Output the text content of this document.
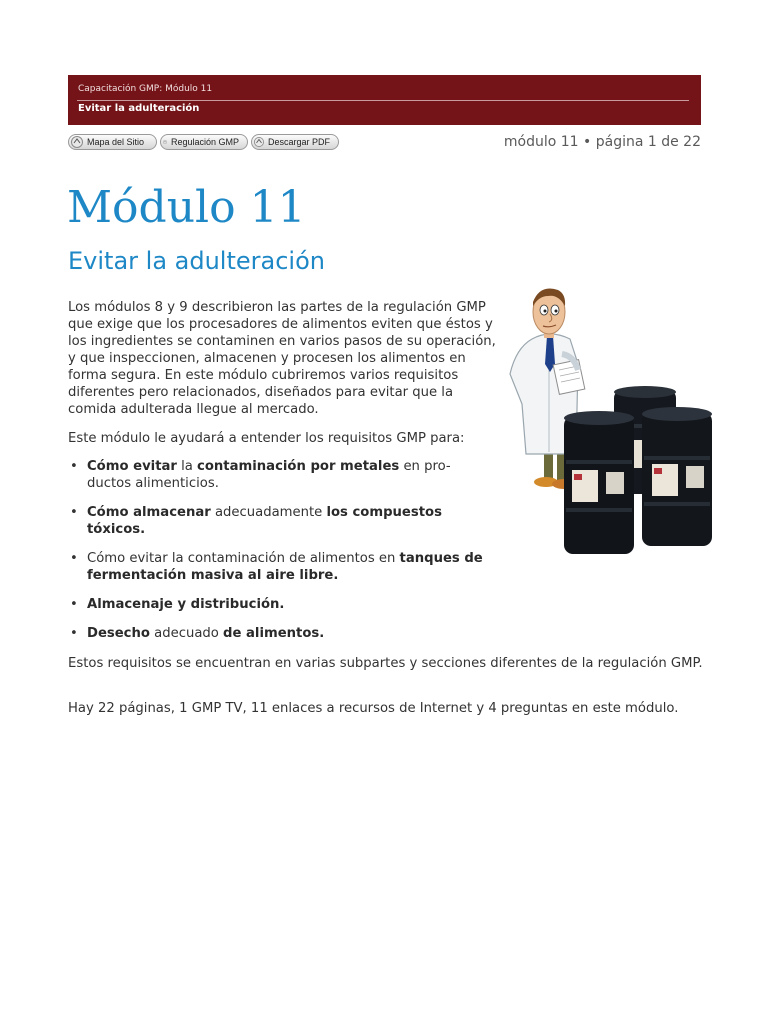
Capacitación GMP: Módulo 11
Evitar la adulteración
Mapa del Sitio	Regulación GMP	Descargar PDF	módulo 11 • página 1 de 22
Módulo 11
Evitar la adulteración

Los módulos 8 y 9 describieron las partes de la regulación GMP que exige que los procesadores de alimentos eviten que éstos y los ingredientes se contaminen en varios pasos de su operación, y que inspeccionen, almacenen y procesen los alimentos en forma segura. En este módulo cubriremos varios requisitos diferentes pero relacionados, diseñados para evitar que la comida adulterada llegue al mercado.

Este módulo le ayudará a entender los requisitos GMP para:

• Cómo evitar la contaminación por metales en pro-ductos alimenticios.
• Cómo almacenar adecuadamente los compuestos tóxicos.
• Cómo evitar la contaminación de alimentos en tanques de fermentación masiva al aire libre.
• Almacenaje y distribución.
• Desecho adecuado de alimentos.

Estos requisitos se encuentran en varias subpartes y secciones diferentes de la regulación GMP.

Hay 22 páginas, 1 GMP TV, 11 enlaces a recursos de Internet y 4 preguntas en este módulo.
